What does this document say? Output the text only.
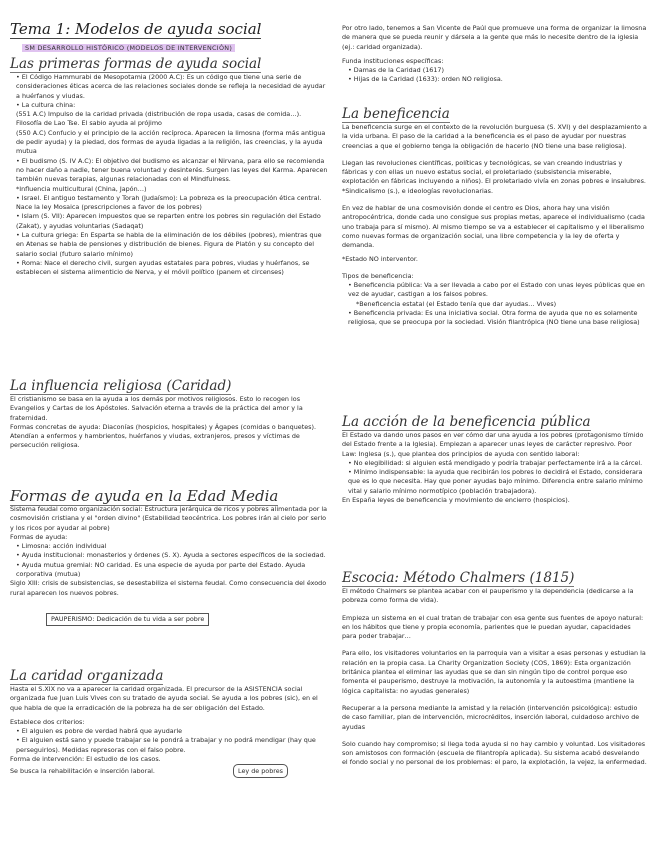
Tema 1: Modelos de ayuda social
SM DESARROLLO HISTÓRICO (MODELOS DE INTERVENCIÓN)
Las primeras formas de ayuda social

• El Código Hammurabi de Mesopotamia (2000 A.C): Es un código que tiene una serie de consideraciones éticas acerca de las relaciones sociales donde se refleja la necesidad de ayudar a huérfanos y viudas.

• La cultura china:

(551 A.C) Impulso de la caridad privada (distribución de ropa usada, casas de comida…). Filosofía de Lao Tse. El sabio ayuda al prójimo

(550 A.C) Confucio y el principio de la acción recíproca. Aparecen la limosna (forma más antigua de pedir ayuda) y la piedad, dos formas de ayuda ligadas a la religión, las creencias, y la ayuda mutua

• El budismo (S. IV A.C): El objetivo del budismo es alcanzar el Nirvana, para ello se recomienda no hacer daño a nadie, tener buena voluntad y desinterés. Surgen las leyes del Karma. Aparecen también nuevas terapias, algunas relacionadas con el Mindfulness.

*Influencia multicultural (China, Japón…)

• Israel. El antiguo testamento y Torah (Judaísmo): La pobreza es la preocupación ética central. Nace la ley Mosaica (prescripciones a favor de los pobres)

• Islam (S. VII): Aparecen impuestos que se reparten entre los pobres sin regulación del Estado (Zakat), y ayudas voluntarias (Sadaqat)

• La cultura griega: En Esparta se habla de la eliminación de los débiles (pobres), mientras que en Atenas se habla de pensiones y distribución de bienes. Figura de Platón y su concepto del salario social (futuro salario mínimo)

• Roma: Nace el derecho civil, surgen ayudas estatales para pobres, viudas y huérfanos, se establecen el sistema alimenticio de Nerva, y el móvil político (panem et circenses)

La influencia religiosa (Caridad)

El cristianismo se basa en la ayuda a los demás por motivos religiosos. Esto lo recogen los Evangelios y Cartas de los Apóstoles. Salvación eterna a través de la práctica del amor y la fraternidad.

Formas concretas de ayuda: Diaconías (hospicios, hospitales) y Ágapes (comidas o banquetes). Atendían a enfermos y hambrientos, huérfanos y viudas, extranjeros, presos y víctimas de persecución religiosa.

Formas de ayuda en la Edad Media

Sistema feudal como organización social: Estructura jerárquica de ricos y pobres alimentada por la cosmovisión cristiana y el "orden divino" (Estabilidad teocéntrica. Los pobres irán al cielo por serlo y los ricos por ayudar al pobre)

Formas de ayuda:

• Limosna: acción individual

• Ayuda institucional: monasterios y órdenes (S. X). Ayuda a sectores específicos de la sociedad.

• Ayuda mutua gremial: NO caridad. Es una especie de ayuda por parte del Estado. Ayuda corporativa (mutua)

Siglo XIII: crisis de subsistencias, se desestabiliza el sistema feudal. Como consecuencia del éxodo rural aparecen los nuevos pobres.

PAUPERISMO: Dedicación de tu vida a ser pobre
La caridad organizada

Hasta el S.XIX no va a aparecer la caridad organizada. El precursor de la ASISTENCIA social organizada fue Juan Luis Vives con su tratado de ayuda social. Se ayuda a los pobres (sic), en el que habla de que la erradicación de la pobreza ha de ser obligación del Estado.

Establece dos criterios:

• El alguien es pobre de verdad habrá que ayudarle

• El alguien está sano y puede trabajar se le pondrá a trabajar y no podrá mendigar (hay que perseguirlos). Medidas represoras con el falso pobre.

Forma de intervención: El estudio de los casos.

Se busca la rehabilitación e inserción laboral.	Ley de pobres

Por otro lado, tenemos a San Vicente de Paúl que promueve una forma de organizar la limosna de manera que se pueda reunir y dársela a la gente que más lo necesite dentro de la iglesia (ej.: caridad organizada).

Funda instituciones específicas:

• Damas de la Caridad (1617)

• Hijas de la Caridad (1633): orden NO religiosa.

La beneficencia

La beneficencia surge en el contexto de la revolución burguesa (S. XVI) y del desplazamiento a la vida urbana. El paso de la caridad a la beneficencia es el paso de ayudar por nuestras creencias a que el gobierno tenga la obligación de hacerlo (NO tiene una base religiosa).

Llegan las revoluciones científicas, políticas y tecnológicas, se van creando industrias y fábricas y con ellas un nuevo estatus social, el proletariado (subsistencia miserable, explotación en fábricas incluyendo a niños). El proletariado vivía en zonas pobres e insalubres. *Sindicalismo (s.), e ideologías revolucionarias.

En vez de hablar de una cosmovisión donde el centro es Dios, ahora hay una visión antropocéntrica, donde cada uno consigue sus propias metas, aparece el individualismo (cada uno trabaja para sí mismo). Al mismo tiempo se va a establecer el capitalismo y el liberalismo como nuevas formas de organización social, una libre competencia y la ley de oferta y demanda.

*Estado NO interventor.

Tipos de beneficencia:

• Beneficencia pública: Va a ser llevada a cabo por el Estado con unas leyes públicas que en vez de ayudar, castigan a los falsos pobres.

*Beneficencia estatal (el Estado tenía que dar ayudas… Vives)

• Beneficencia privada: Es una iniciativa social. Otra forma de ayuda que no es solamente religiosa, que se preocupa por la sociedad. Visión filantrópica (NO tiene una base religiosa)

La acción de la beneficencia pública

El Estado va dando unos pasos en ver cómo dar una ayuda a los pobres (protagonismo tímido del Estado frente a la Iglesia). Empiezan a aparecer unas leyes de carácter represivo. Poor Law: Inglesa (s.), que plantea dos principios de ayuda con sentido laboral:

• No elegibilidad: si alguien está mendigado y podría trabajar perfectamente irá a la cárcel.

• Mínimo indispensable: la ayuda que recibirán los pobres lo decidirá el Estado, considerara que es lo que necesita. Hay que poner ayudas bajo mínimo. Diferencia entre salario mínimo vital y salario mínimo normotípico (población trabajadora).

En España leyes de beneficencia y movimiento de encierro (hospicios).

Escocia: Método Chalmers (1815)

El método Chalmers se plantea acabar con el pauperismo y la dependencia (dedicarse a la pobreza como forma de vida).

Empieza un sistema en el cual tratan de trabajar con esa gente sus fuentes de apoyo natural: en los hábitos que tiene y propia economía, parientes que le puedan ayudar, capacidades para poder trabajar…

Para ello, los visitadores voluntarios en la parroquia van a visitar a esas personas y estudian la relación en la propia casa. La Charity Organization Society (COS, 1869): Esta organización británica plantea el eliminar las ayudas que se dan sin ningún tipo de control porque eso fomenta el pauperismo, destruye la motivación, la autonomía y la autoestima (mantiene la lógica capitalista: no ayudas generales)

Recuperar a la persona mediante la amistad y la relación (intervención psicológica): estudio de caso familiar, plan de intervención, microcréditos, inserción laboral, cuidadoso archivo de ayudas

Solo cuando hay compromiso; si llega toda ayuda si no hay cambio y voluntad. Los visitadores son amistosos con formación (escuela de filantropía aplicada). Su sistema acabó desvelando el fondo social y no personal de los problemas: el paro, la explotación, la vejez, la enfermedad.
